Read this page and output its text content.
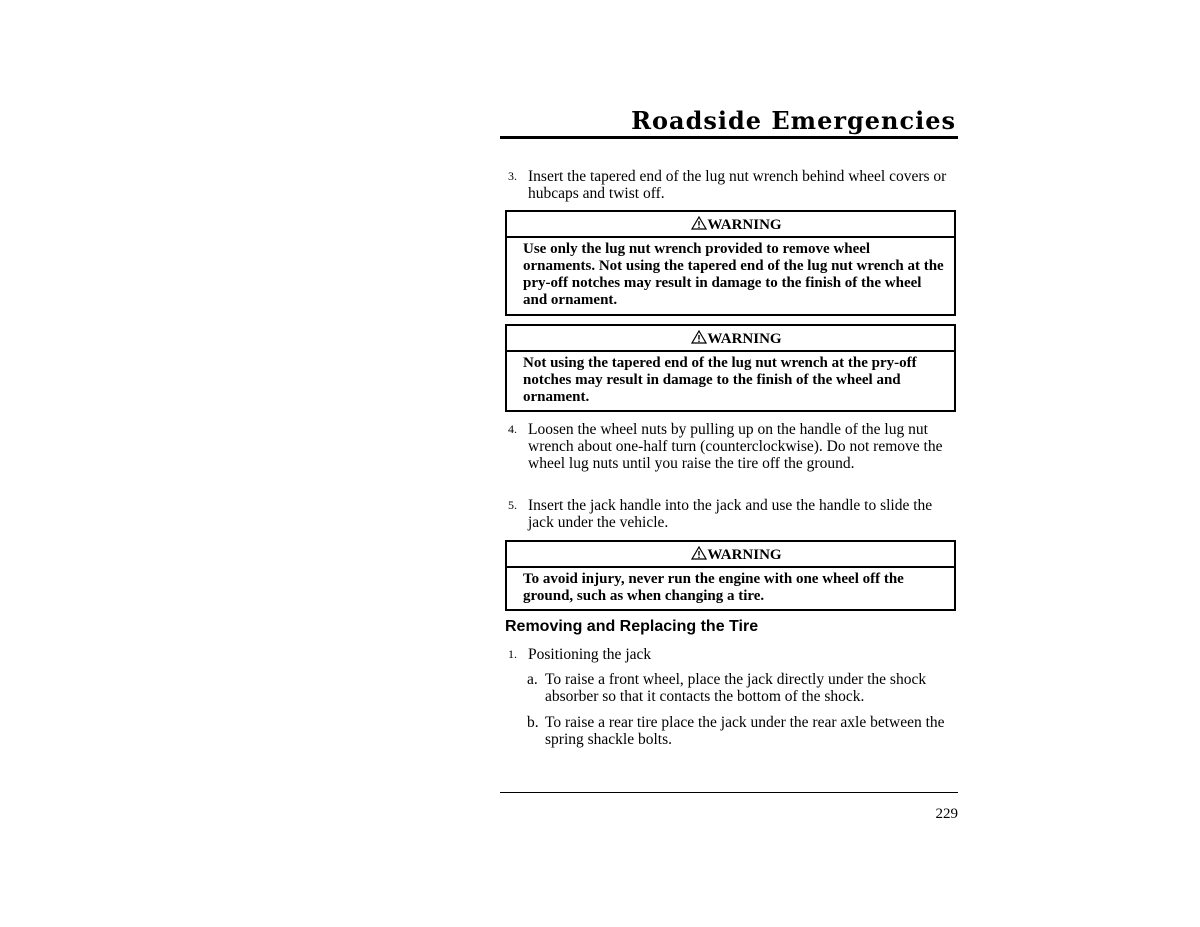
Roadside Emergencies
3. Insert the tapered end of the lug nut wrench behind wheel covers or hubcaps and twist off.
WARNING
Use only the lug nut wrench provided to remove wheel ornaments. Not using the tapered end of the lug nut wrench at the pry-off notches may result in damage to the finish of the wheel and ornament.
WARNING
Not using the tapered end of the lug nut wrench at the pry-off notches may result in damage to the finish of the wheel and ornament.
4. Loosen the wheel nuts by pulling up on the handle of the lug nut wrench about one-half turn (counterclockwise). Do not remove the wheel lug nuts until you raise the tire off the ground.
5. Insert the jack handle into the jack and use the handle to slide the jack under the vehicle.
WARNING
To avoid injury, never run the engine with one wheel off the ground, such as when changing a tire.
Removing and Replacing the Tire
1. Positioning the jack
a. To raise a front wheel, place the jack directly under the shock absorber so that it contacts the bottom of the shock.
b. To raise a rear tire place the jack under the rear axle between the spring shackle bolts.
229
